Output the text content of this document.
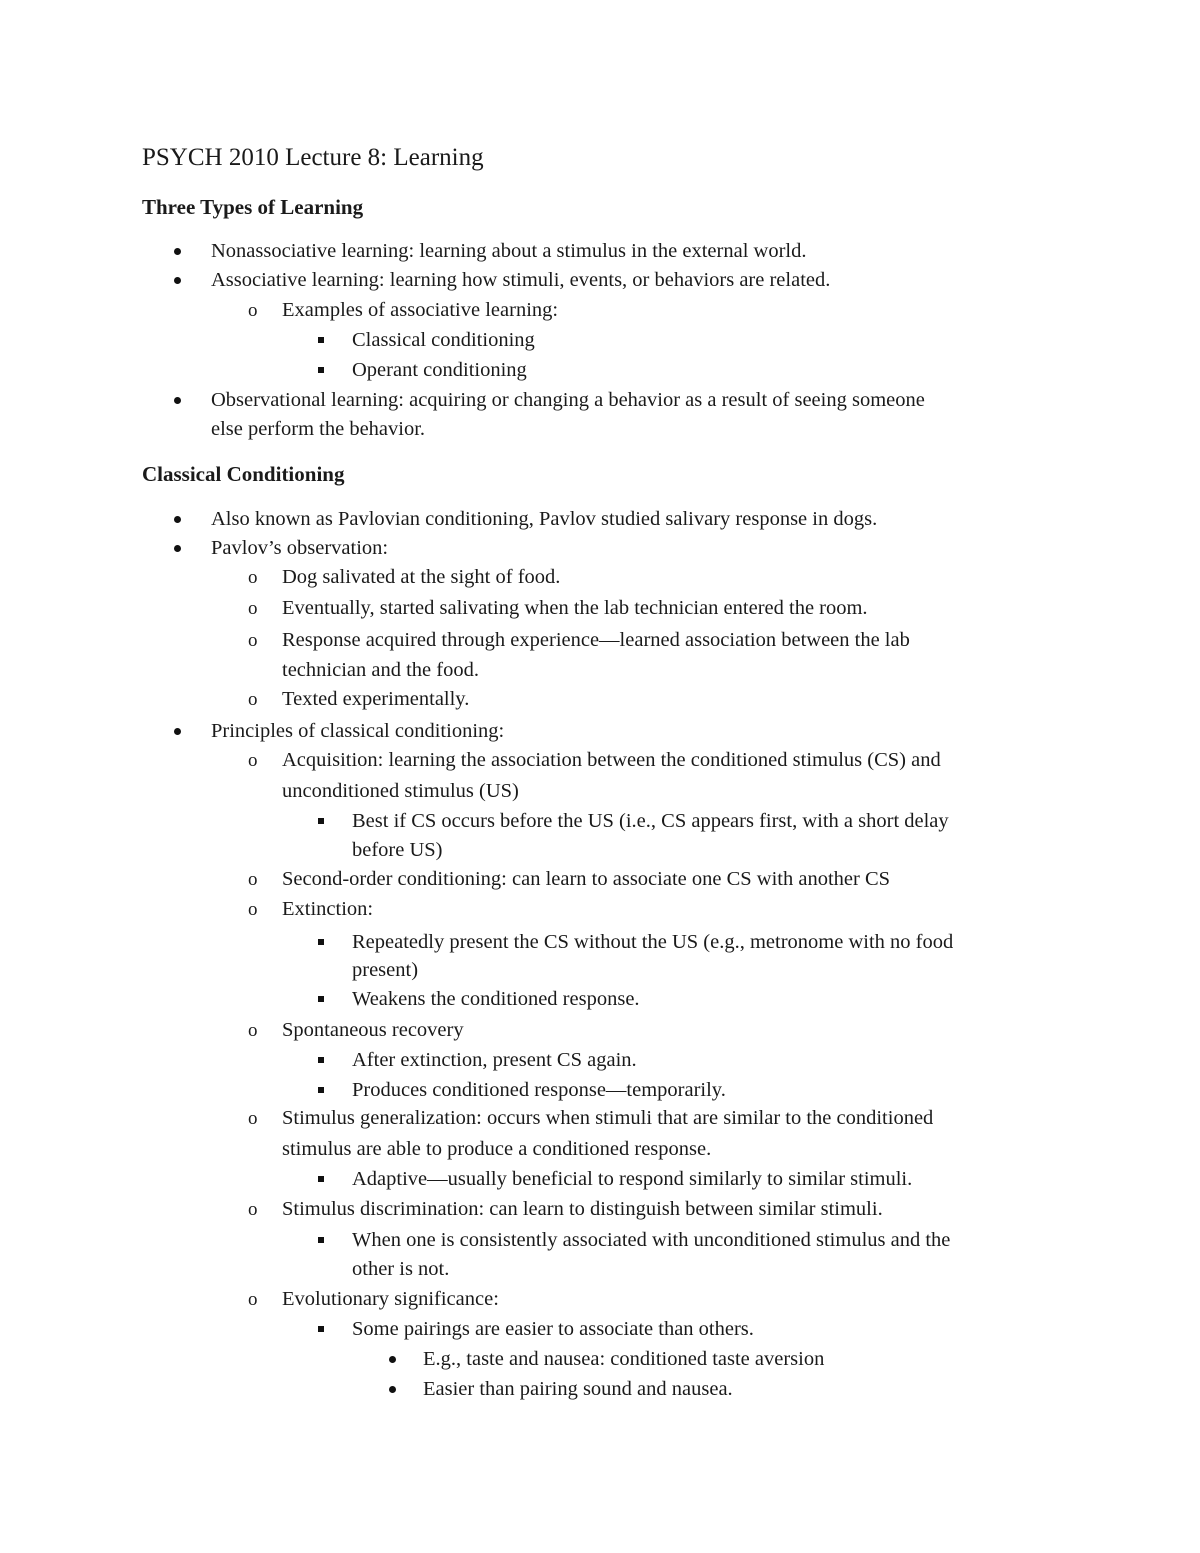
PSYCH 2010 Lecture 8: Learning
Three Types of Learning
Nonassociative learning: learning about a stimulus in the external world.
Associative learning: learning how stimuli, events, or behaviors are related.
o Examples of associative learning:
Classical conditioning
Operant conditioning
Observational learning: acquiring or changing a behavior as a result of seeing someone
else perform the behavior.
Classical Conditioning
Also known as Pavlovian conditioning, Pavlov studied salivary response in dogs.
Pavlov’s observation:
o Dog salivated at the sight of food.
o Eventually, started salivating when the lab technician entered the room.
o Response acquired through experience—learned association between the lab
technician and the food.
o Texted experimentally.
Principles of classical conditioning:
o Acquisition: learning the association between the conditioned stimulus (CS) and
unconditioned stimulus (US)
Best if CS occurs before the US (i.e., CS appears first, with a short delay
before US)
o Second-order conditioning: can learn to associate one CS with another CS
o Extinction:
Repeatedly present the CS without the US (e.g., metronome with no food
present)
Weakens the conditioned response.
o Spontaneous recovery
After extinction, present CS again.
Produces conditioned response—temporarily.
o Stimulus generalization: occurs when stimuli that are similar to the conditioned
stimulus are able to produce a conditioned response.
Adaptive—usually beneficial to respond similarly to similar stimuli.
o Stimulus discrimination: can learn to distinguish between similar stimuli.
When one is consistently associated with unconditioned stimulus and the
other is not.
o Evolutionary significance:
Some pairings are easier to associate than others.
E.g., taste and nausea: conditioned taste aversion
Easier than pairing sound and nausea.
